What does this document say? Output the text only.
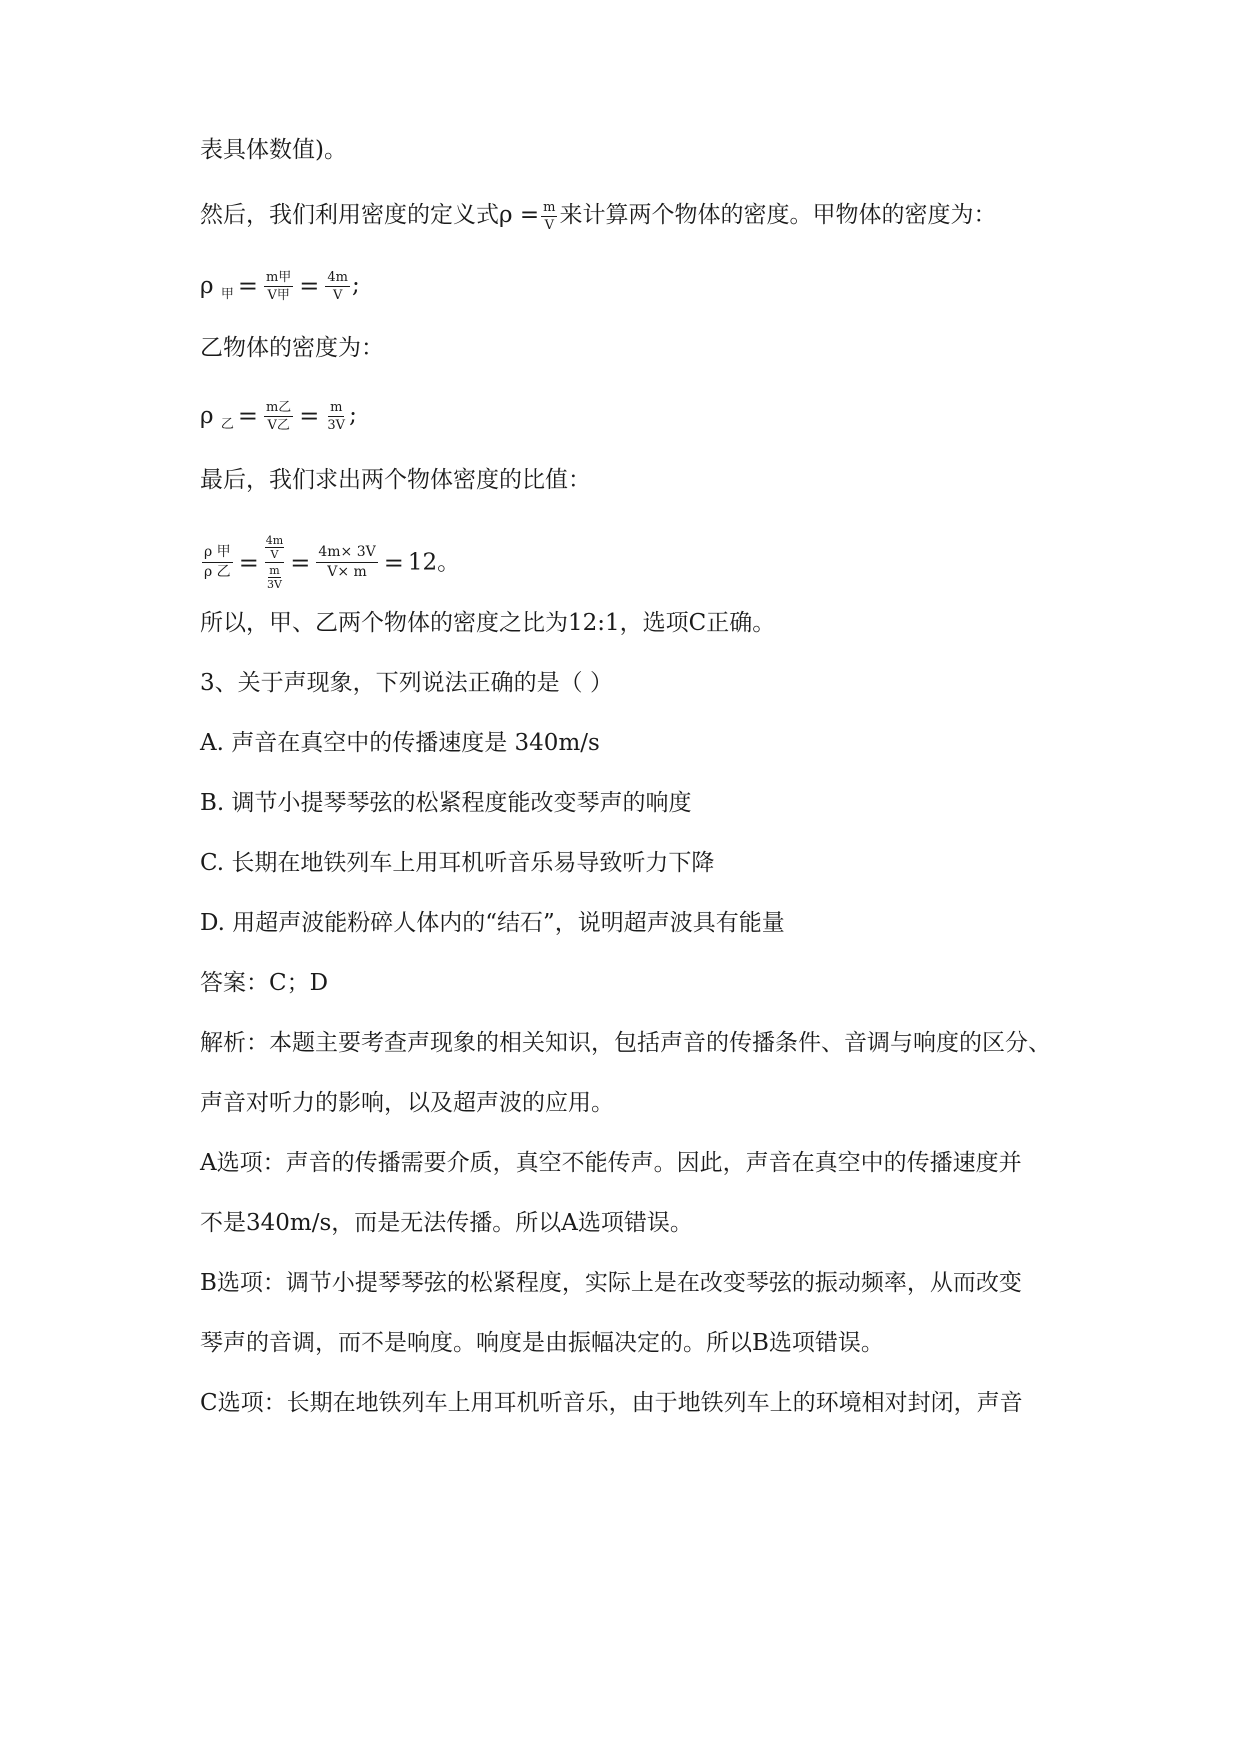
表具体数值)。
然后，我们利用密度的定义式$\rho = \frac{m}{V}$ 来计算两个物体的密度。甲物体的密度为：
ρ $_甲 = \frac{\text{m甲}}{\text{V甲}} = \frac{4m}{V}$ ;
乙物体的密度为：
ρ $_乙 = \frac{\text{m乙}}{\text{V乙}} = \frac{m}{3V}$ ;
最后，我们求出两个物体密度的比值：
$\frac{\text{ρ 甲}}{\text{ρ 乙}} = \frac{\frac{4m}{V}}{\frac{m}{3V}} = \frac{4m\times 3V}{V\times m} = 12$。
所以，甲、乙两个物体的密度之比为12:1，选项C正确。
3、关于声现象，下列说法正确的是（ ）
A. 声音在真空中的传播速度是 340m/s
B. 调节小提琴琴弦的松紧程度能改变琴声的响度
C. 长期在地铁列车上用耳机听音乐易导致听力下降
D. 用超声波能粉碎人体内的“结石”，说明超声波具有能量
答案：C；D
解析：本题主要考查声现象的相关知识，包括声音的传播条件、音调与响度的区分、
声音对听力的影响，以及超声波的应用。
A选项：声音的传播需要介质，真空不能传声。因此，声音在真空中的传播速度并
不是340m/s，而是无法传播。所以A选项错误。
B选项：调节小提琴琴弦的松紧程度，实际上是在改变琴弦的振动频率，从而改变
琴声的音调，而不是响度。响度是由振幅决定的。所以B选项错误。
C选项：长期在地铁列车上用耳机听音乐，由于地铁列车上的环境相对封闭，声音
